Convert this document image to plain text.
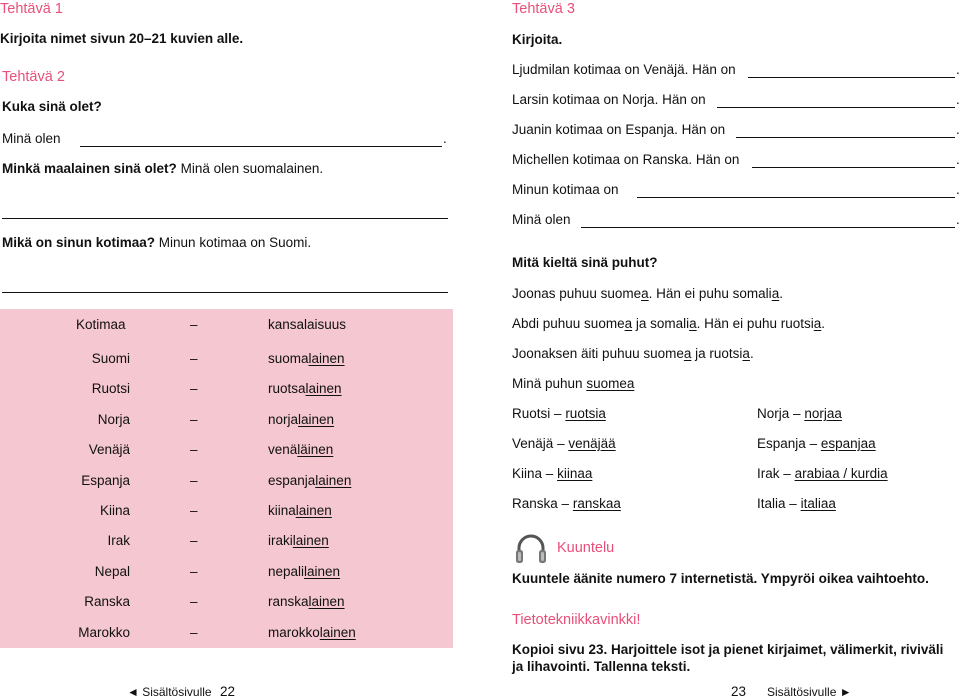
Tehtävä 1
Kirjoita nimet sivun 20–21 kuvien alle.
Tehtävä 2
Kuka sinä olet?
Minä olen	.
Minkä maalainen sinä olet? Minä olen suomalainen.
Mikä on sinun kotimaa? Minun kotimaa on Suomi.
Kotimaa	–	kansalaisuus
Suomi	–	suomalainen
Ruotsi	–	ruotsalainen
Norja	–	norjalainen
Venäjä	–	venäläinen
Espanja	–	espanjalainen
Kiina	–	kiinalainen
Irak	–	irakilainen
Nepal	–	nepalilainen
Ranska	–	ranskalainen
Marokko	–	marokkolainen
◄ Sisältösivulle 22
Tehtävä 3
Kirjoita.
Ljudmilan kotimaa on Venäjä. Hän on	.
Larsin kotimaa on Norja. Hän on	.
Juanin kotimaa on Espanja. Hän on	.
Michellen kotimaa on Ranska. Hän on	.
Minun kotimaa on	.
Minä olen	.
Mitä kieltä sinä puhut?
Joonas puhuu suomea. Hän ei puhu somalia.
Abdi puhuu suomea ja somalia. Hän ei puhu ruotsia.
Joonaksen äiti puhuu suomea ja ruotsia.
Minä puhun suomea
Ruotsi – ruotsia	Norja – norjaa
Venäjä – venäjää	Espanja – espanjaa
Kiina – kiinaa	Irak – arabiaa / kurdia
Ranska – ranskaa	Italia – italiaa
Kuuntelu
Kuuntele äänite numero 7 internetistä. Ympyröi oikea vaihtoehto.
Tietotekniikkavinkki!
Kopioi sivu 23. Harjoittele isot ja pienet kirjaimet, välimerkit, riviväli
ja lihavointi. Tallenna teksti.
23 Sisältösivulle ►
